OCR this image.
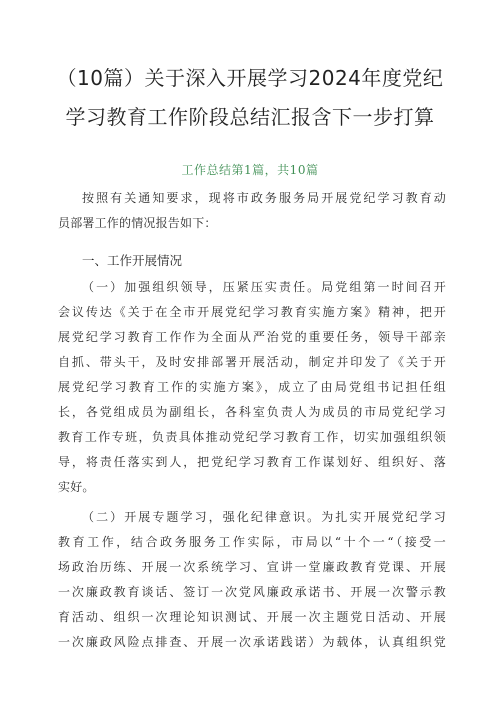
（10篇）关于深入开展学习2024年度党纪
学习教育工作阶段总结汇报含下一步打算
工作总结第1篇，共10篇
按照有关通知要求，现将市政务服务局开展党纪学习教育动
员部署工作的情况报告如下：
一、工作开展情况
（一）加强组织领导，压紧压实责任。局党组第一时间召开
会议传达《关于在全市开展党纪学习教育实施方案》精神，把开
展党纪学习教育工作作为全面从严治党的重要任务，领导干部亲
自抓、带头干，及时安排部署开展活动，制定并印发了《关于开
展党纪学习教育工作的实施方案》，成立了由局党组书记担任组
长，各党组成员为副组长，各科室负责人为成员的市局党纪学习
教育工作专班，负责具体推动党纪学习教育工作，切实加强组织领
导，将责任落实到人，把党纪学习教育工作谋划好、组织好、落
实好。
（二）开展专题学习，强化纪律意识。为扎实开展党纪学习
教育工作，结合政务服务工作实际，市局以“十个一“（接受一
场政治历练、开展一次系统学习、宣讲一堂廉政教育党课、开展
一次廉政教育谈话、签订一次党风廉政承诺书、开展一次警示教
育活动、组织一次理论知识测试、开展一次主题党日活动、开展
一次廉政风险点排查、开展一次承诺践诺）为载体，认真组织党
